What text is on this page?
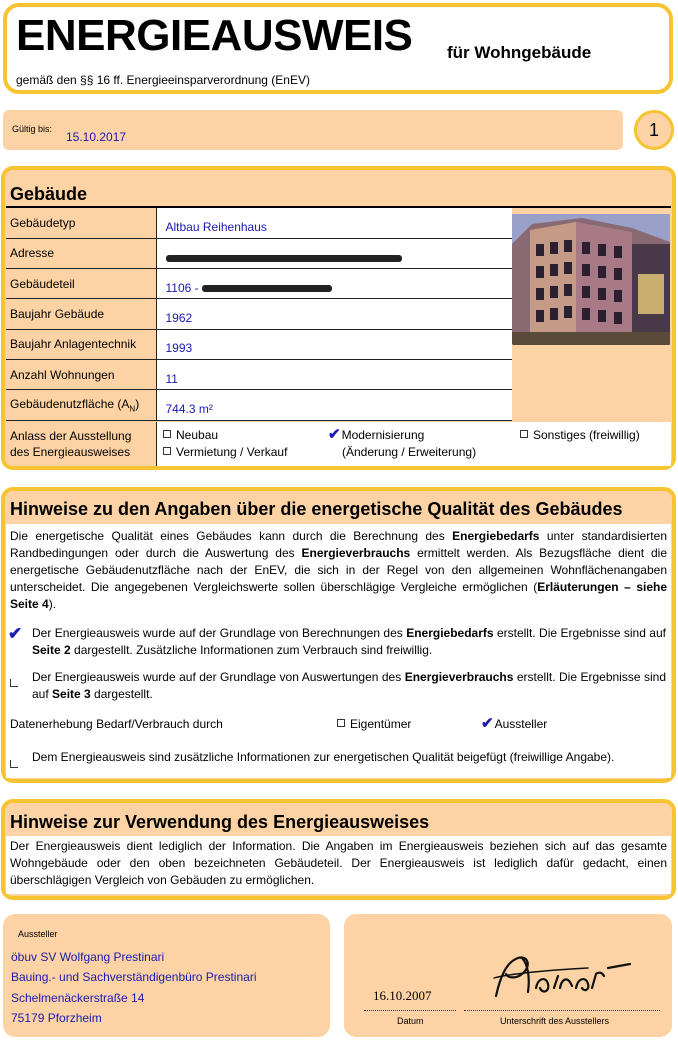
ENERGIEAUSWEIS für Wohngebäude
gemäß den §§ 16 ff. Energieeinsparverordnung (EnEV)
Gültig bis:
15.10.2017	1
Gebäude
Gebäudetyp	Altbau Reihenhaus
Adresse	
Gebäudeteil	1106 -
Baujahr Gebäude	1962
Baujahr Anlagentechnik	1993
Anzahl Wohnungen	11
Gebäudenutzfläche $(A_N)$	744.3 m²
Anlass der Ausstellung
des Energieausweises
Neubau
Vermietung / Verkauf
✔Modernisierung
(Änderung / Erweiterung)
Sonstiges (freiwillig)
Hinweise zu den Angaben über die energetische Qualität des Gebäudes
Die energetische Qualität eines Gebäudes kann durch die Berechnung des Energiebedarfs unter standardisierten Randbedingungen oder durch die Auswertung des Energieverbrauchs ermittelt werden. Als Bezugsfläche dient die energetische Gebäudenutzfläche nach der EnEV, die sich in der Regel von den allgemeinen Wohnflächenangaben unterscheidet. Die angegebenen Vergleichswerte sollen überschlägige Vergleiche ermöglichen (Erläuterungen – siehe Seite 4).
✔ Der Energieausweis wurde auf der Grundlage von Berechnungen des Energiebedarfs erstellt. Die Ergebnisse sind auf Seite 2 dargestellt. Zusätzliche Informationen zum Verbrauch sind freiwillig.
Der Energieausweis wurde auf der Grundlage von Auswertungen des Energieverbrauchs erstellt. Die Ergebnisse sind auf Seite 3 dargestellt.
Datenerhebung Bedarf/Verbrauch durch	Eigentümer	✔Aussteller
Dem Energieausweis sind zusätzliche Informationen zur energetischen Qualität beigefügt (freiwillige Angabe).
Hinweise zur Verwendung des Energieausweises
Der Energieausweis dient lediglich der Information. Die Angaben im Energieausweis beziehen sich auf das gesamte Wohngebäude oder den oben bezeichneten Gebäudeteil. Der Energieausweis ist lediglich dafür gedacht, einen überschlägigen Vergleich von Gebäuden zu ermöglichen.
Aussteller
öbuv SV Wolfgang Prestinari
Bauing.- und Sachverständigenbüro Prestinari
Schelmenäckerstraße 14
75179 Pforzheim
16.10.2007
Datum	Unterschrift des Ausstellers
